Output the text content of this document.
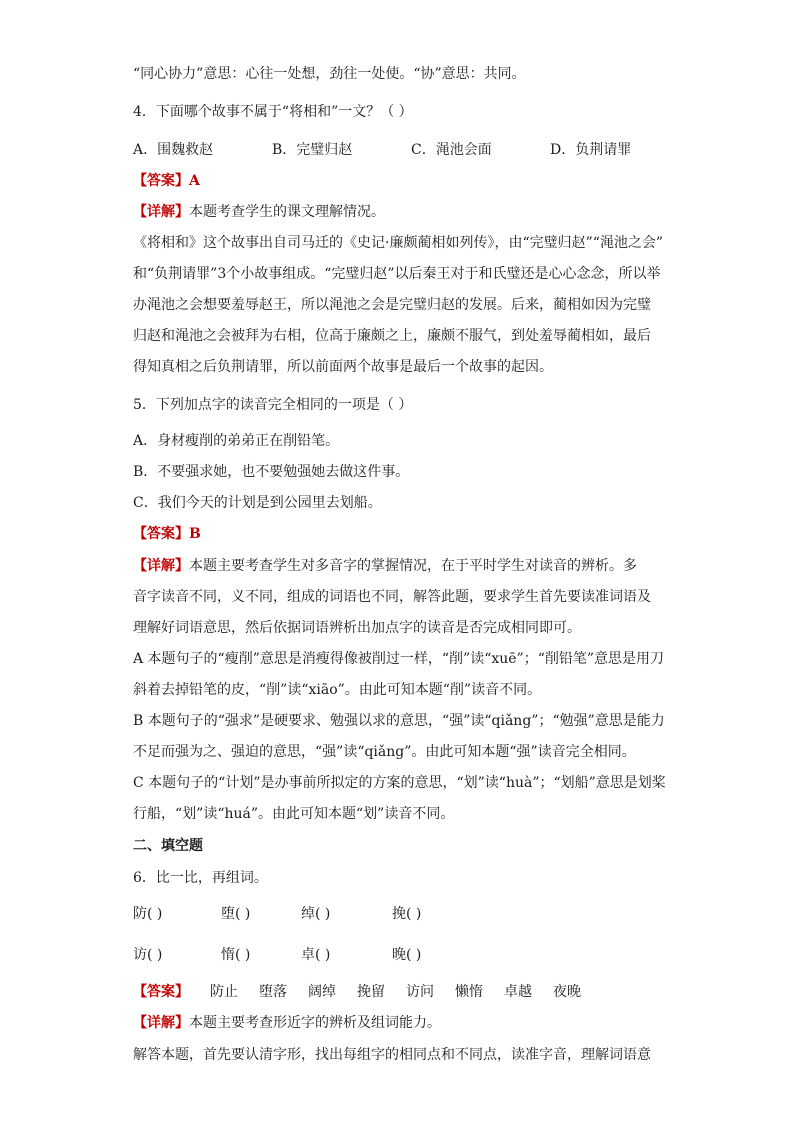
“同心协力”意思：心往一处想，劲往一处使。“协”意思：共同。
4．下面哪个故事不属于“将相和”一文？（ ）
A．围魏救赵	B．完璧归赵	C．渑池会面	D．负荆请罪
【答案】A
【详解】本题考查学生的课文理解情况。
《将相和》这个故事出自司马迁的《史记·廉颇蔺相如列传》，由“完璧归赵”“渑池之会”
和“负荆请罪”3个小故事组成。“完璧归赵”以后秦王对于和氏璧还是心心念念，所以举
办渑池之会想要羞辱赵王，所以渑池之会是完璧归赵的发展。后来，蔺相如因为完璧
归赵和渑池之会被拜为右相，位高于廉颇之上，廉颇不服气，到处羞辱蔺相如，最后
得知真相之后负荆请罪，所以前面两个故事是最后一个故事的起因。
5．下列加点字的读音完全相同的一项是（ ）
A．身材瘦削的弟弟正在削铅笔。
B．不要强求她，也不要勉强她去做这件事。
C．我们今天的计划是到公园里去划船。
【答案】B
【详解】本题主要考查学生对多音字的掌握情况，在于平时学生对读音的辨析。多
音字读音不同，义不同，组成的词语也不同，解答此题，要求学生首先要读准词语及
理解好词语意思，然后依据词语辨析出加点字的读音是否完成相同即可。
A 本题句子的“瘦削”意思是消瘦得像被削过一样，“削”读“xuē”；“削铅笔”意思是用刀
斜着去掉铅笔的皮，“削”读“xiāo”。由此可知本题“削”读音不同。
B 本题句子的“强求”是硬要求、勉强以求的意思，“强”读“qiǎng”；“勉强”意思是能力
不足而强为之、强迫的意思，“强”读“qiǎng”。由此可知本题“强”读音完全相同。
C 本题句子的“计划”是办事前所拟定的方案的意思，“划”读“huà”；“划船”意思是划桨
行船，“划”读“huá”。由此可知本题“划”读音不同。
二、填空题
6．比一比，再组词。
防( )	堕( )	绰( )	挽( )
访( )	惰( )	卓( )	晚( )
【答案】 防止 堕落 阔绰 挽留 访问 懒惰 卓越 夜晚
【详解】本题主要考查形近字的辨析及组词能力。
解答本题，首先要认清字形，找出每组字的相同点和不同点，读准字音，理解词语意
